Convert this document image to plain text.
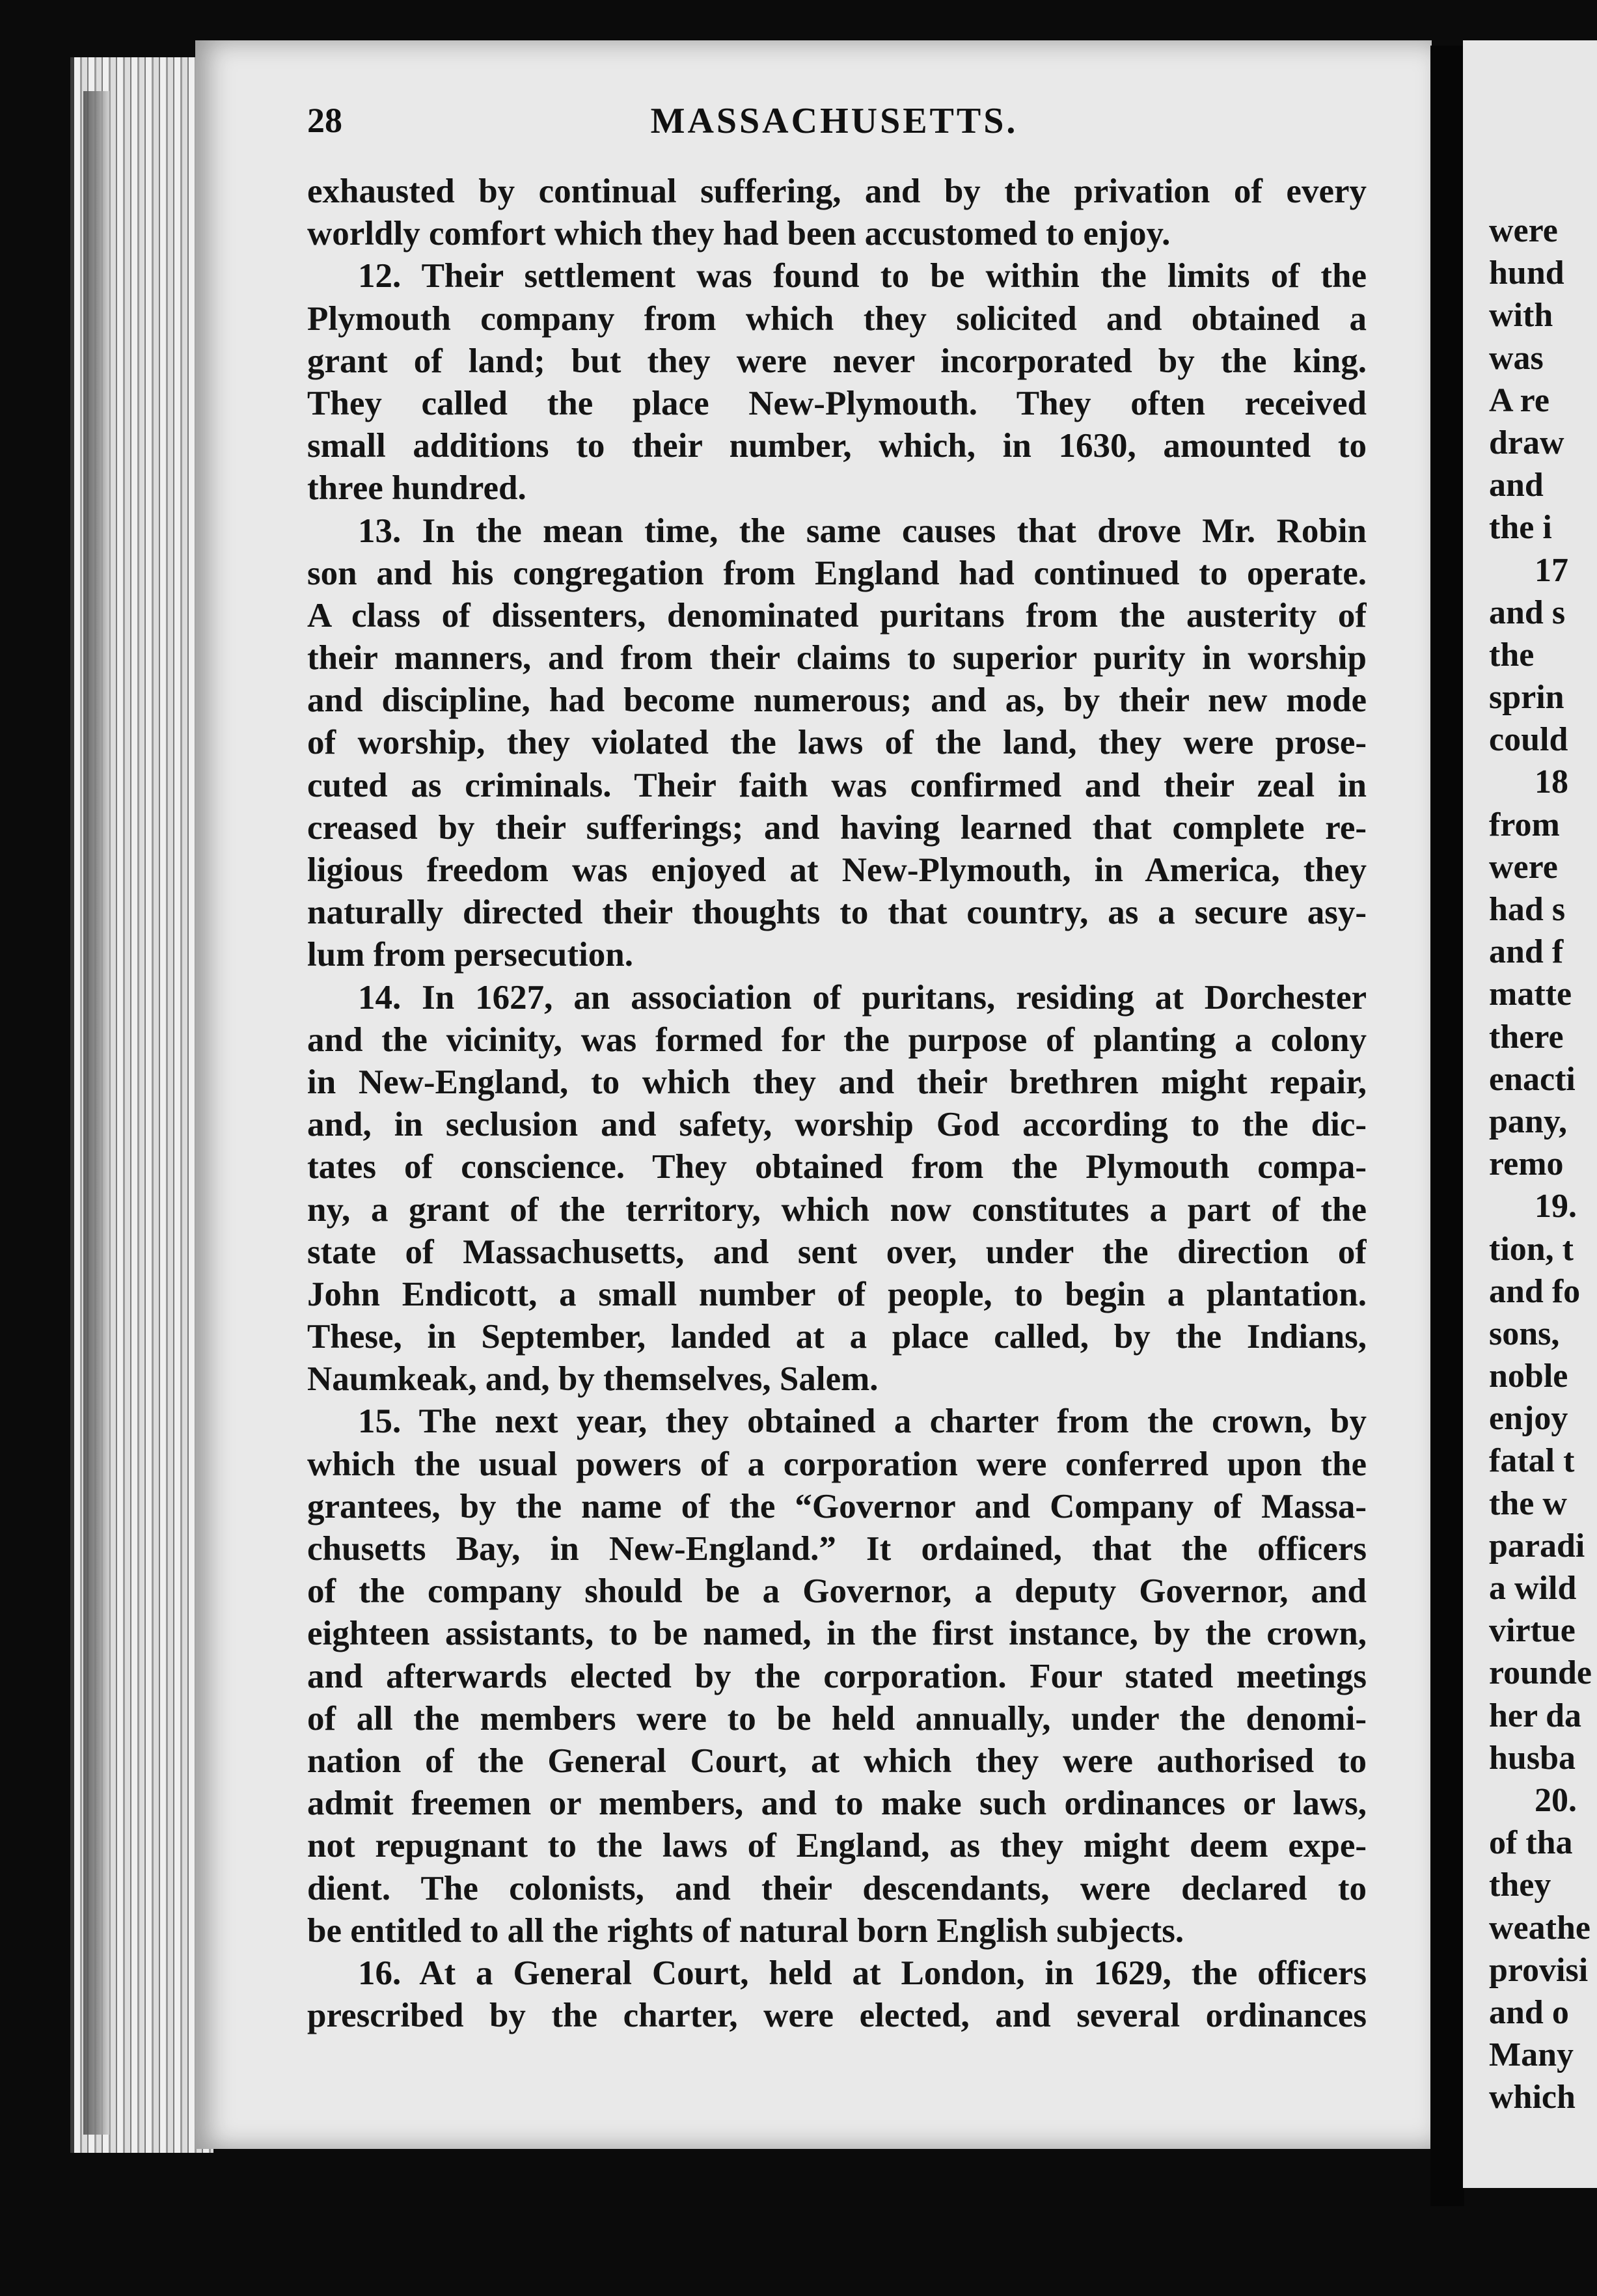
28	MASSACHUSETTS.
exhausted by continual suffering, and by the privation of every
worldly comfort which they had been accustomed to enjoy.
12. Their settlement was found to be within the limits of the
Plymouth company from which they solicited and obtained a
grant of land; but they were never incorporated by the king.
They called the place New-Plymouth. They often received
small additions to their number, which, in 1630, amounted to
three hundred.
13. In the mean time, the same causes that drove Mr. Robin
son and his congregation from England had continued to operate.
A class of dissenters, denominated puritans from the austerity of
their manners, and from their claims to superior purity in worship
and discipline, had become numerous; and as, by their new mode
of worship, they violated the laws of the land, they were prose-
cuted as criminals. Their faith was confirmed and their zeal in
creased by their sufferings; and having learned that complete re-
ligious freedom was enjoyed at New-Plymouth, in America, they
naturally directed their thoughts to that country, as a secure asy-
lum from persecution.
14. In 1627, an association of puritans, residing at Dorchester
and the vicinity, was formed for the purpose of planting a colony
in New-England, to which they and their brethren might repair,
and, in seclusion and safety, worship God according to the dic-
tates of conscience. They obtained from the Plymouth compa-
ny, a grant of the territory, which now constitutes a part of the
state of Massachusetts, and sent over, under the direction of
John Endicott, a small number of people, to begin a plantation.
These, in September, landed at a place called, by the Indians,
Naumkeak, and, by themselves, Salem.
15. The next year, they obtained a charter from the crown, by
which the usual powers of a corporation were conferred upon the
grantees, by the name of the “Governor and Company of Massa-
chusetts Bay, in New-England.” It ordained, that the officers
of the company should be a Governor, a deputy Governor, and
eighteen assistants, to be named, in the first instance, by the crown,
and afterwards elected by the corporation. Four stated meetings
of all the members were to be held annually, under the denomi-
nation of the General Court, at which they were authorised to
admit freemen or members, and to make such ordinances or laws,
not repugnant to the laws of England, as they might deem expe-
dient. The colonists, and their descendants, were declared to
be entitled to all the rights of natural born English subjects.
16. At a General Court, held at London, in 1629, the officers
prescribed by the charter, were elected, and several ordinances
were
hund
with
was
A re
draw
and
the i
17
and s
the
sprin
could
18
from
were
had s
and f
matte
there
enacti
pany,
remo
19.
tion, t
and fo
sons,
noble
enjoy
fatal t
the w
paradi
a wild
virtue
rounde
her da
husba
20.
of tha
they
weathe
provisi
and o
Many
which
